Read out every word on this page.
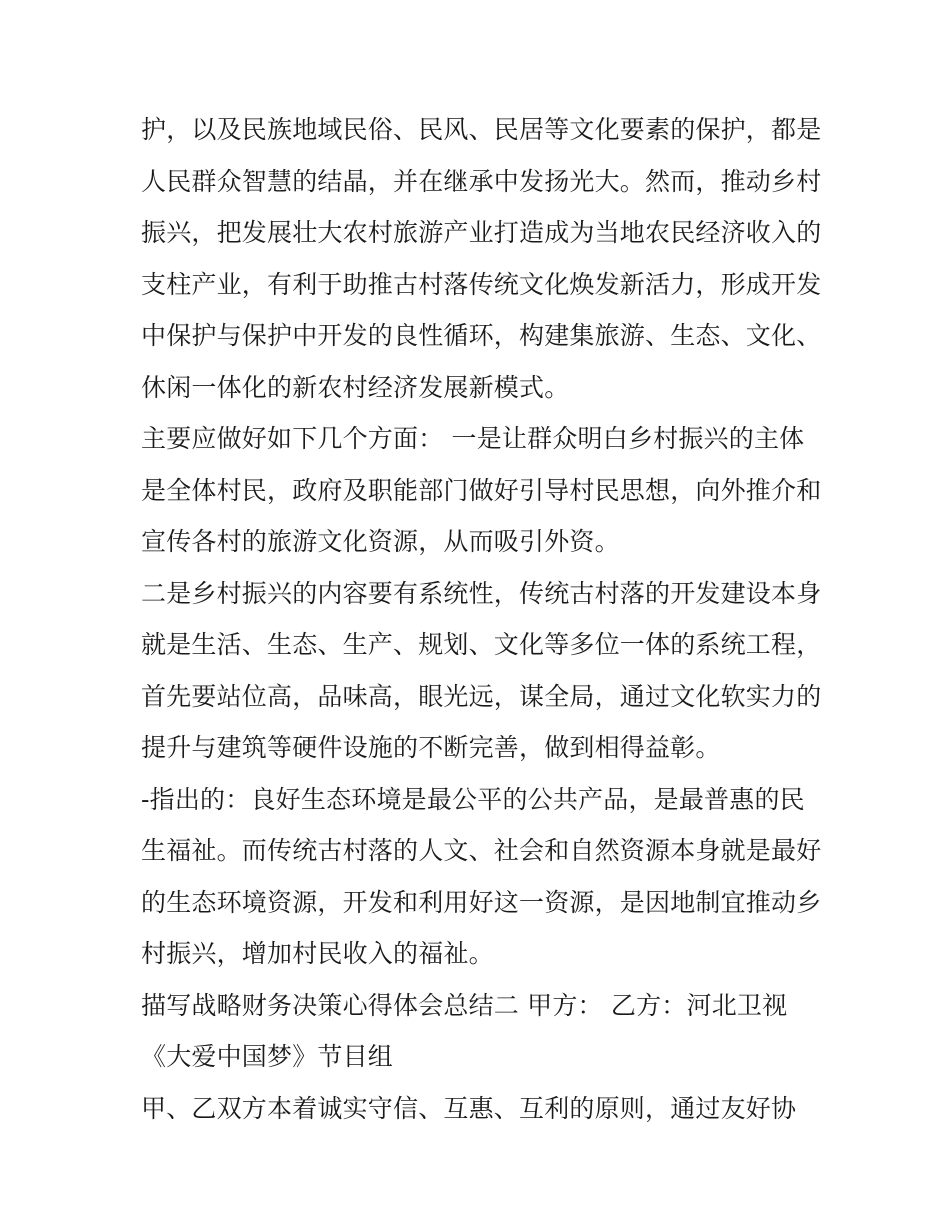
护，以及民族地域民俗、民风、民居等文化要素的保护，都是
人民群众智慧的结晶，并在继承中发扬光大。然而，推动乡村
振兴，把发展壮大农村旅游产业打造成为当地农民经济收入的
支柱产业，有利于助推古村落传统文化焕发新活力，形成开发
中保护与保护中开发的良性循环，构建集旅游、生态、文化、
休闲一体化的新农村经济发展新模式。
主要应做好如下几个方面： 一是让群众明白乡村振兴的主体
是全体村民，政府及职能部门做好引导村民思想，向外推介和
宣传各村的旅游文化资源，从而吸引外资。
二是乡村振兴的内容要有系统性，传统古村落的开发建设本身
就是生活、生态、生产、规划、文化等多位一体的系统工程，
首先要站位高，品味高，眼光远，谋全局，通过文化软实力的
提升与建筑等硬件设施的不断完善，做到相得益彰。
-指出的：良好生态环境是最公平的公共产品，是最普惠的民
生福祉。而传统古村落的人文、社会和自然资源本身就是最好
的生态环境资源，开发和利用好这一资源，是因地制宜推动乡
村振兴，增加村民收入的福祉。
描写战略财务决策心得体会总结二 甲方： 乙方：河北卫视
《大爱中国梦》节目组
甲、乙双方本着诚实守信、互惠、互利的原则，通过友好协
